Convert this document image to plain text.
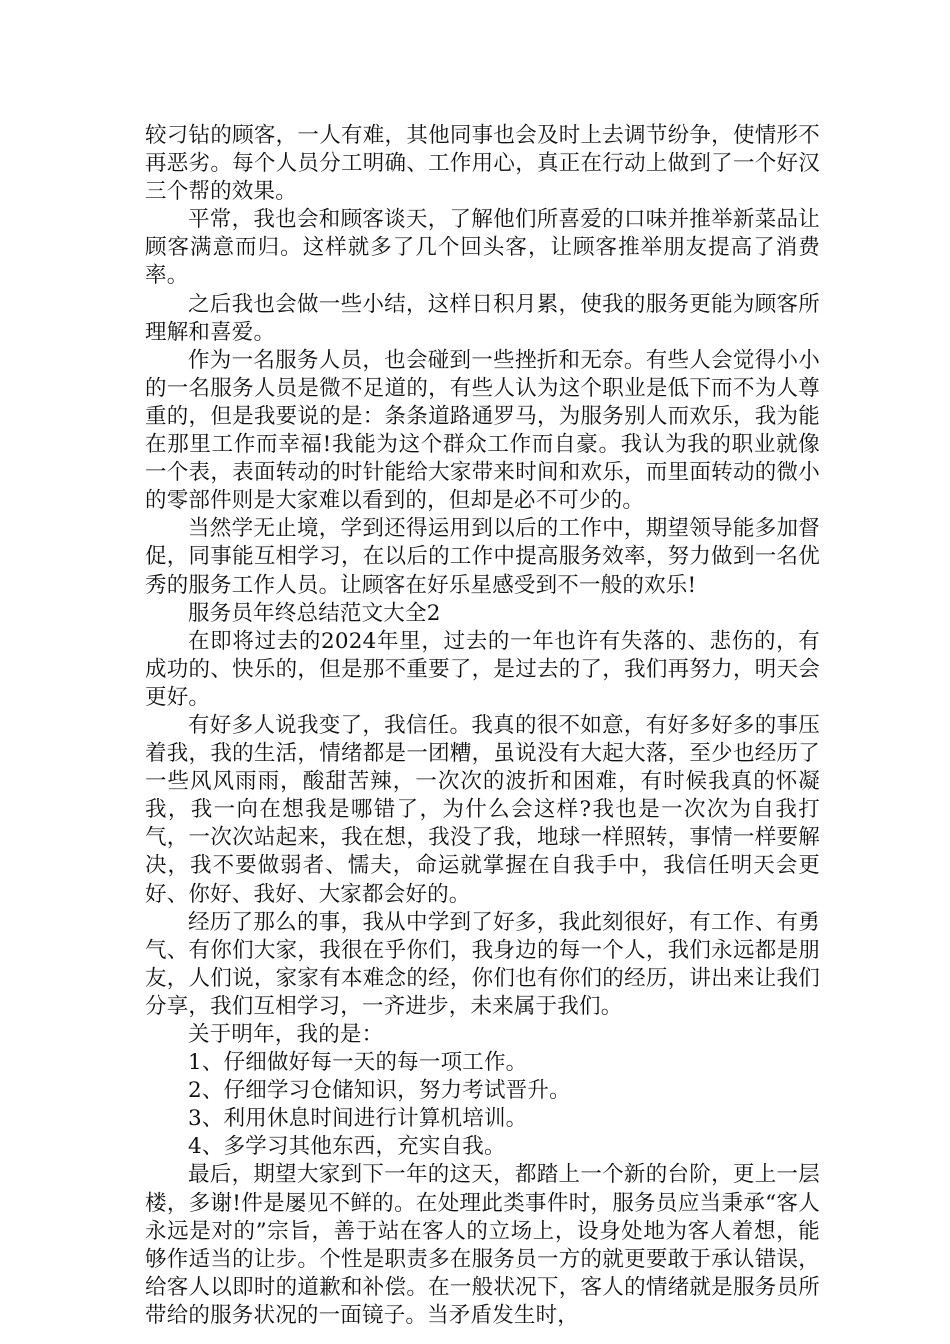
较刁钻的顾客，一人有难，其他同事也会及时上去调节纷争，使情形不再恶劣。每个人员分工明确、工作用心，真正在行动上做到了一个好汉三个帮的效果。

平常，我也会和顾客谈天，了解他们所喜爱的口味并推举新菜品让顾客满意而归。这样就多了几个回头客，让顾客推举朋友提高了消费率。

之后我也会做一些小结，这样日积月累，使我的服务更能为顾客所理解和喜爱。

作为一名服务人员，也会碰到一些挫折和无奈。有些人会觉得小小的一名服务人员是微不足道的，有些人认为这个职业是低下而不为人尊重的，但是我要说的是：条条道路通罗马，为服务别人而欢乐，我为能在那里工作而幸福!我能为这个群众工作而自豪。我认为我的职业就像一个表，表面转动的时针能给大家带来时间和欢乐，而里面转动的微小的零部件则是大家难以看到的，但却是必不可少的。

当然学无止境，学到还得运用到以后的工作中，期望领导能多加督促，同事能互相学习，在以后的工作中提高服务效率，努力做到一名优秀的服务工作人员。让顾客在好乐星感受到不一般的欢乐!

服务员年终总结范文大全2

在即将过去的2024年里，过去的一年也许有失落的、悲伤的，有成功的、快乐的，但是那不重要了，是过去的了，我们再努力，明天会更好。

有好多人说我变了，我信任。我真的很不如意，有好多好多的事压着我，我的生活，情绪都是一团糟，虽说没有大起大落，至少也经历了一些风风雨雨，酸甜苦辣，一次次的波折和困难，有时候我真的怀凝我，我一向在想我是哪错了，为什么会这样?我也是一次次为自我打气，一次次站起来，我在想，我没了我，地球一样照转，事情一样要解决，我不要做弱者、懦夫，命运就掌握在自我手中，我信任明天会更好、你好、我好、大家都会好的。

经历了那么的事，我从中学到了好多，我此刻很好，有工作、有勇气、有你们大家，我很在乎你们，我身边的每一个人，我们永远都是朋友，人们说，家家有本难念的经，你们也有你们的经历，讲出来让我们分享，我们互相学习，一齐进步，未来属于我们。

关于明年，我的是：

1、仔细做好每一天的每一项工作。

2、仔细学习仓储知识，努力考试晋升。

3、利用休息时间进行计算机培训。

4、多学习其他东西，充实自我。

最后，期望大家到下一年的这天，都踏上一个新的台阶，更上一层楼，多谢!件是屡见不鲜的。在处理此类事件时，服务员应当秉承“客人永远是对的”宗旨，善于站在客人的立场上，设身处地为客人着想，能够作适当的让步。个性是职责多在服务员一方的就更要敢于承认错误，给客人以即时的道歉和补偿。在一般状况下，客人的情绪就是服务员所带给的服务状况的一面镜子。当矛盾发生时，
